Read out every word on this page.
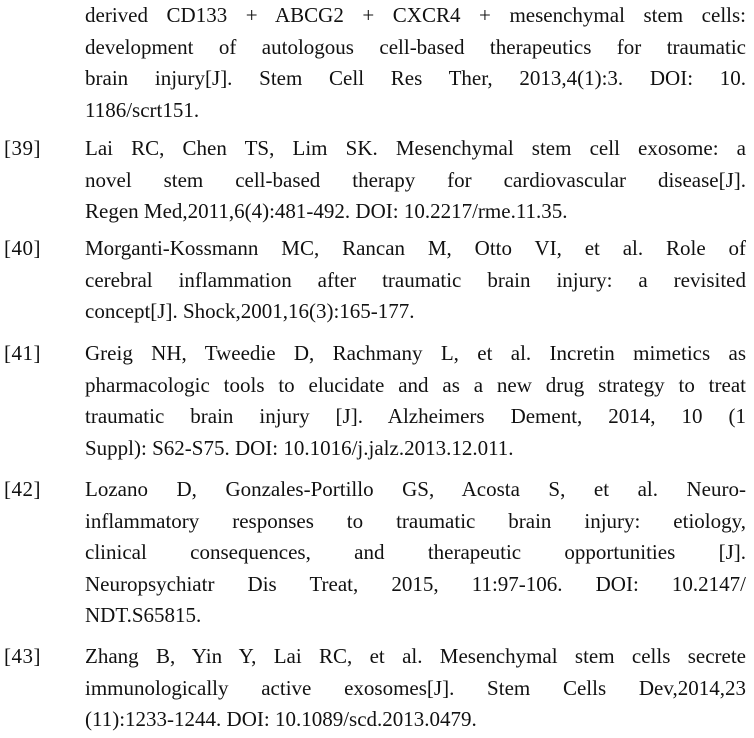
derived CD133 + ABCG2 + CXCR4 + mesenchymal stem cells:
development of autologous cell-based therapeutics for traumatic
brain injury[J]. Stem Cell Res Ther, 2013,4(1):3. DOI: 10.
1186/scrt151.
[39] Lai RC, Chen TS, Lim SK. Mesenchymal stem cell exosome: a
novel stem cell-based therapy for cardiovascular disease[J].
Regen Med,2011,6(4):481-492. DOI: 10.2217/rme.11.35.
[40] Morganti-Kossmann MC, Rancan M, Otto VI, et al. Role of
cerebral inflammation after traumatic brain injury: a revisited
concept[J]. Shock,2001,16(3):165-177.
[41] Greig NH, Tweedie D, Rachmany L, et al. Incretin mimetics as
pharmacologic tools to elucidate and as a new drug strategy to treat
traumatic brain injury [J]. Alzheimers Dement, 2014, 10 (1
Suppl): S62-S75. DOI: 10.1016/j.jalz.2013.12.011.
[42] Lozano D, Gonzales-Portillo GS, Acosta S, et al. Neuro-
inflammatory responses to traumatic brain injury: etiology,
clinical consequences, and therapeutic opportunities [J].
Neuropsychiatr Dis Treat, 2015, 11:97-106. DOI: 10.2147/
NDT.S65815.
[43] Zhang B, Yin Y, Lai RC, et al. Mesenchymal stem cells secrete
immunologically active exosomes[J]. Stem Cells Dev,2014,23
(11):1233-1244. DOI: 10.1089/scd.2013.0479.
